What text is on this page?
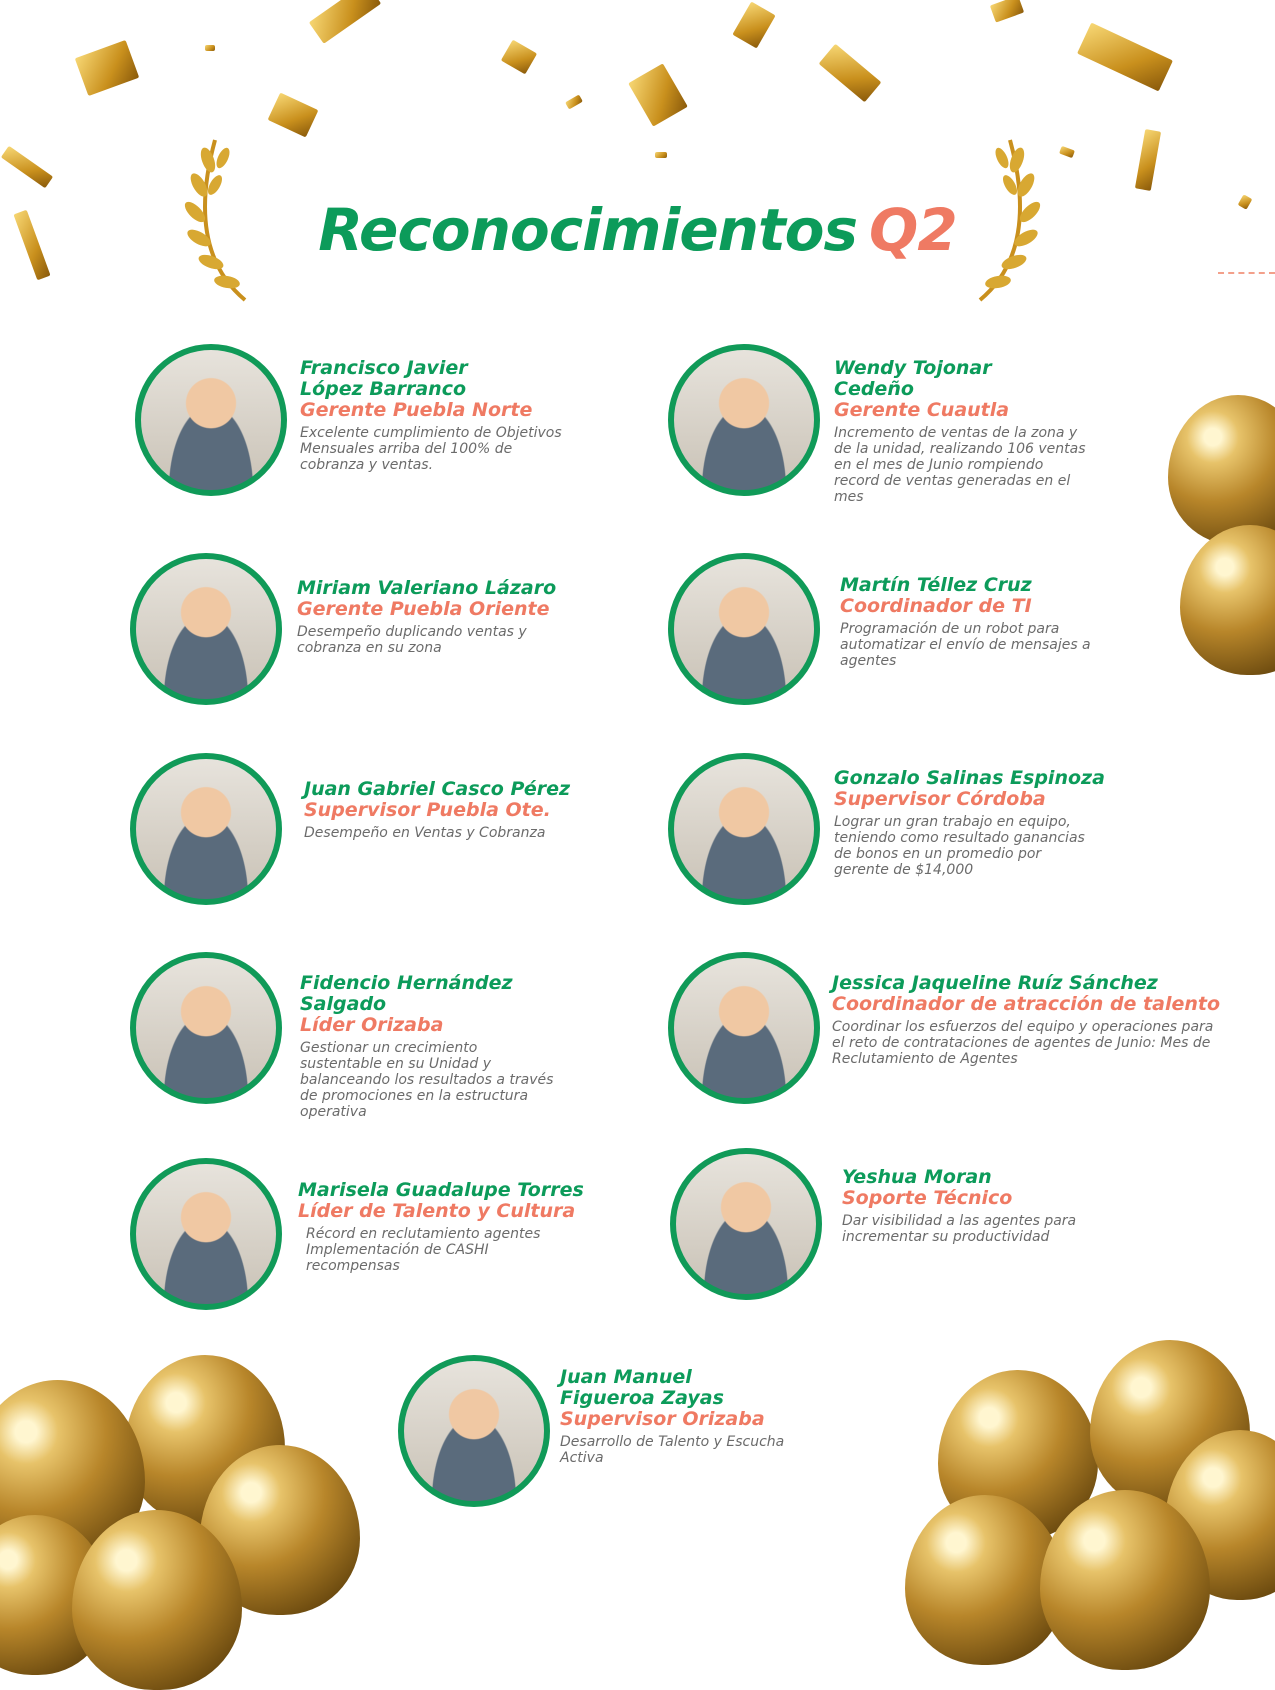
Reconocimientos Q2

Francisco Javier López Barranco

Gerente Puebla Norte

Excelente cumplimiento de Objetivos Mensuales arriba del 100% de cobranza y ventas.

Wendy Tojonar Cedeño

Gerente Cuautla

Incremento de ventas de la zona y de la unidad, realizando 106 ventas en el mes de Junio rompiendo record de ventas generadas en el mes

Miriam Valeriano Lázaro

Gerente Puebla Oriente

Desempeño duplicando ventas y cobranza en su zona

Martín Téllez Cruz

Coordinador de TI

Programación de un robot para automatizar el envío de mensajes a agentes

Juan Gabriel Casco Pérez

Supervisor Puebla Ote.

Desempeño en Ventas y Cobranza

Gonzalo Salinas Espinoza

Supervisor Córdoba

Lograr un gran trabajo en equipo, teniendo como resultado ganancias de bonos en un promedio por gerente de $14,000

Fidencio Hernández Salgado

Líder Orizaba

Gestionar un crecimiento sustentable en su Unidad y balanceando los resultados a través de promociones en la estructura operativa

Jessica Jaqueline Ruíz Sánchez

Coordinador de atracción de talento

Coordinar los esfuerzos del equipo y operaciones para el reto de contrataciones de agentes de Junio: Mes de Reclutamiento de Agentes

Marisela Guadalupe Torres

Líder de Talento y Cultura

Récord en reclutamiento agentes Implementación de CASHI recompensas

Yeshua Moran

Soporte Técnico

Dar visibilidad a las agentes para incrementar su productividad

Juan Manuel Figueroa Zayas

Supervisor Orizaba

Desarrollo de Talento y Escucha Activa
